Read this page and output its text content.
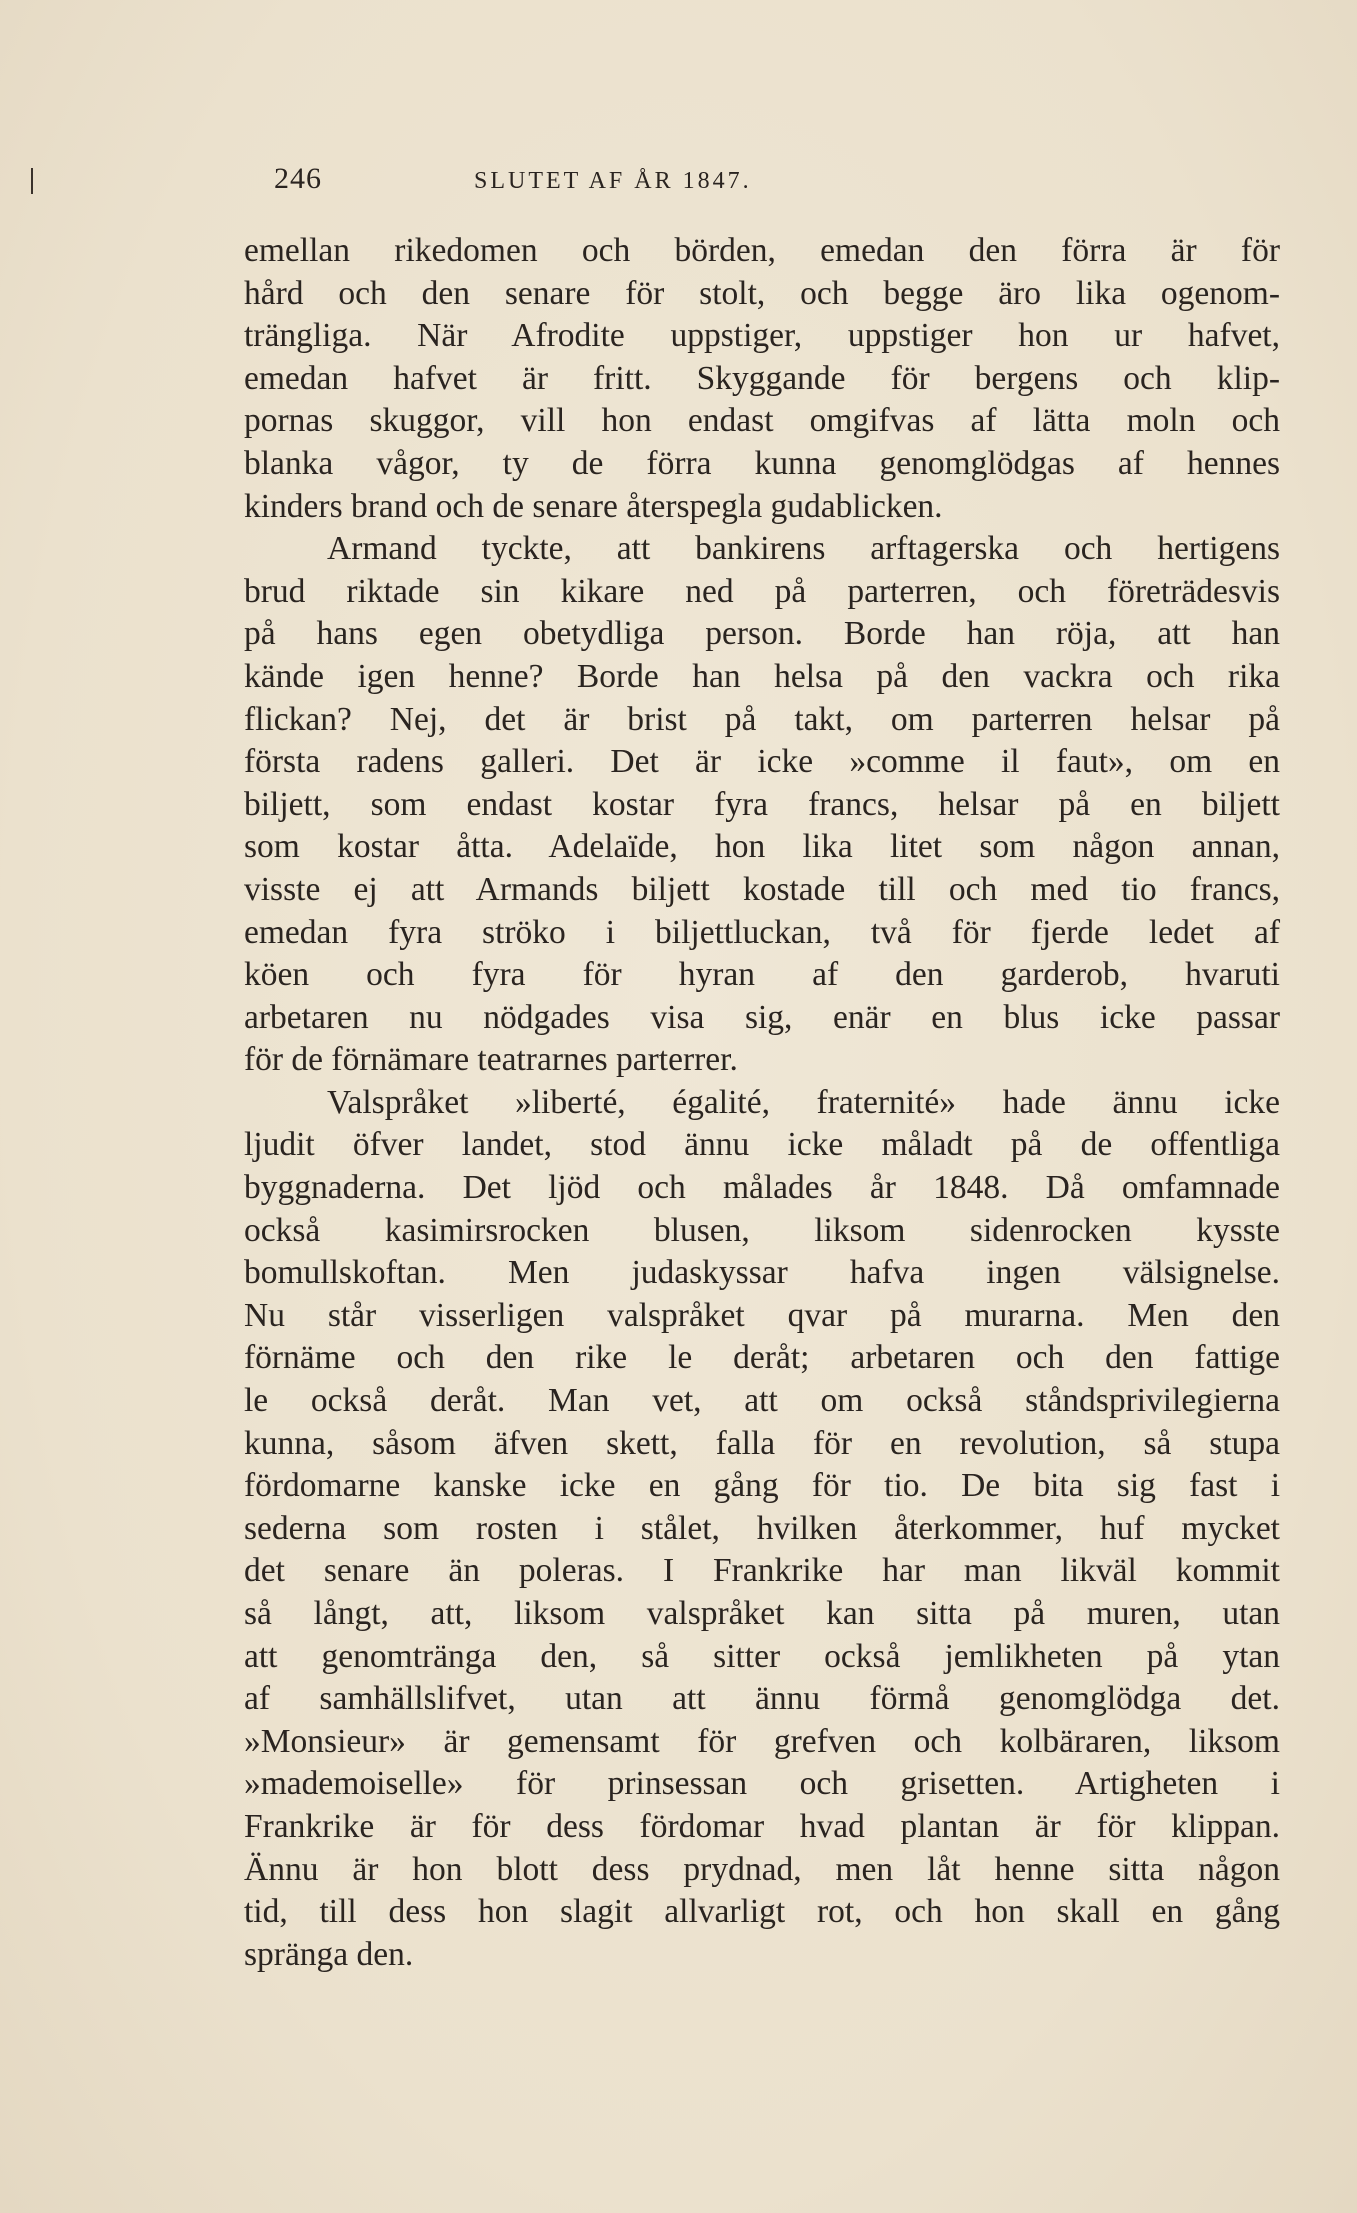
246	SLUTET AF ÅR 1847.
emellan rikedomen och börden, emedan den förra är för
hård och den senare för stolt, och begge äro lika ogenom-
trängliga. När Afrodite uppstiger, uppstiger hon ur hafvet,
emedan hafvet är fritt. Skyggande för bergens och klip-
pornas skuggor, vill hon endast omgifvas af lätta moln och
blanka vågor, ty de förra kunna genomglödgas af hennes
kinders brand och de senare återspegla gudablicken.
Armand tyckte, att bankirens arftagerska och hertigens
brud riktade sin kikare ned på parterren, och företrädesvis
på hans egen obetydliga person. Borde han röja, att han
kände igen henne? Borde han helsa på den vackra och rika
flickan? Nej, det är brist på takt, om parterren helsar på
första radens galleri. Det är icke »comme il faut», om en
biljett, som endast kostar fyra francs, helsar på en biljett
som kostar åtta. Adelaïde, hon lika litet som någon annan,
visste ej att Armands biljett kostade till och med tio francs,
emedan fyra ströko i biljettluckan, två för fjerde ledet af
köen och fyra för hyran af den garderob, hvaruti
arbetaren nu nödgades visa sig, enär en blus icke passar
för de förnämare teatrarnes parterrer.
Valspråket »liberté, égalité, fraternité» hade ännu icke
ljudit öfver landet, stod ännu icke måladt på de offentliga
byggnaderna. Det ljöd och målades år 1848. Då omfamnade
också kasimirsrocken blusen, liksom sidenrocken kysste
bomullskoftan. Men judaskyssar hafva ingen välsignelse.
Nu står visserligen valspråket qvar på murarna. Men den
förnäme och den rike le deråt; arbetaren och den fattige
le också deråt. Man vet, att om också ståndsprivilegierna
kunna, såsom äfven skett, falla för en revolution, så stupa
fördomarne kanske icke en gång för tio. De bita sig fast i
sederna som rosten i stålet, hvilken återkommer, huf mycket
det senare än poleras. I Frankrike har man likväl kommit
så långt, att, liksom valspråket kan sitta på muren, utan
att genomtränga den, så sitter också jemlikheten på ytan
af samhällslifvet, utan att ännu förmå genomglödga det.
»Monsieur» är gemensamt för grefven och kolbäraren, liksom
»mademoiselle» för prinsessan och grisetten. Artigheten i
Frankrike är för dess fördomar hvad plantan är för klippan.
Ännu är hon blott dess prydnad, men låt henne sitta någon
tid, till dess hon slagit allvarligt rot, och hon skall en gång
spränga den.
